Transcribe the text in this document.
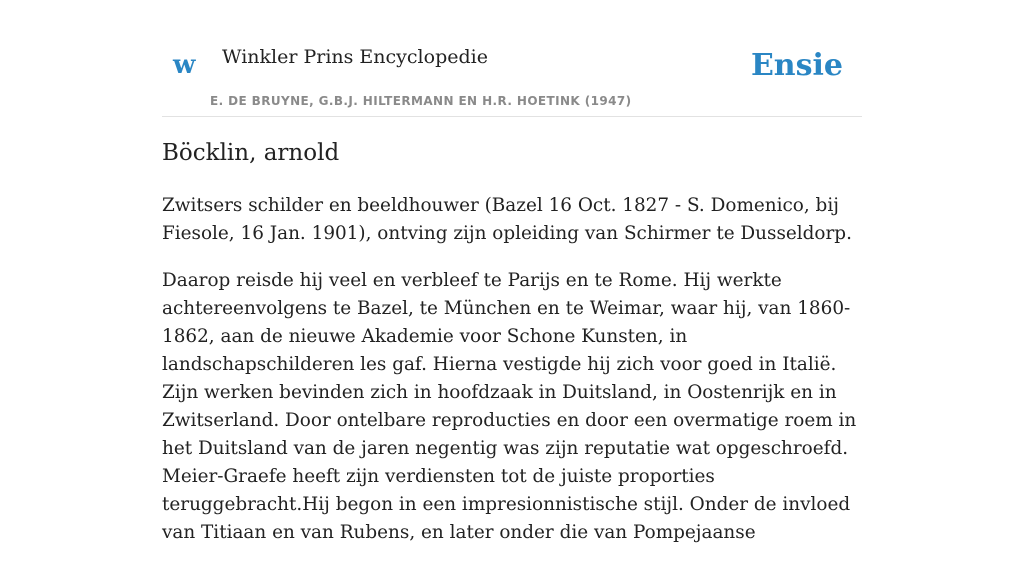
w Winkler Prins Encyclopedie
E. DE BRUYNE, G.B.J. HILTERMANN EN H.R. HOETINK (1947)
Ensie
Böcklin, arnold

Zwitsers schilder en beeldhouwer (Bazel 16 Oct. 1827 - S. Domenico, bij Fiesole, 16 Jan. 1901), ontving zijn opleiding van Schirmer te Dusseldorp.

Daarop reisde hij veel en verbleef te Parijs en te Rome. Hij werkte achtereenvolgens te Bazel, te München en te Weimar, waar hij, van 1860-1862, aan de nieuwe Akademie voor Schone Kunsten, in landschapschilderen les gaf. Hierna vestigde hij zich voor goed in Italië. Zijn werken bevinden zich in hoofdzaak in Duitsland, in Oostenrijk en in Zwitserland. Door ontelbare reproducties en door een overmatige roem in het Duitsland van de jaren negentig was zijn reputatie wat opgeschroefd. Meier-Graefe heeft zijn verdiensten tot de juiste proporties teruggebracht.Hij begon in een impresionnistische stijl. Onder de invloed van Titiaan en van Rubens, en later onder die van Pompejaanse
